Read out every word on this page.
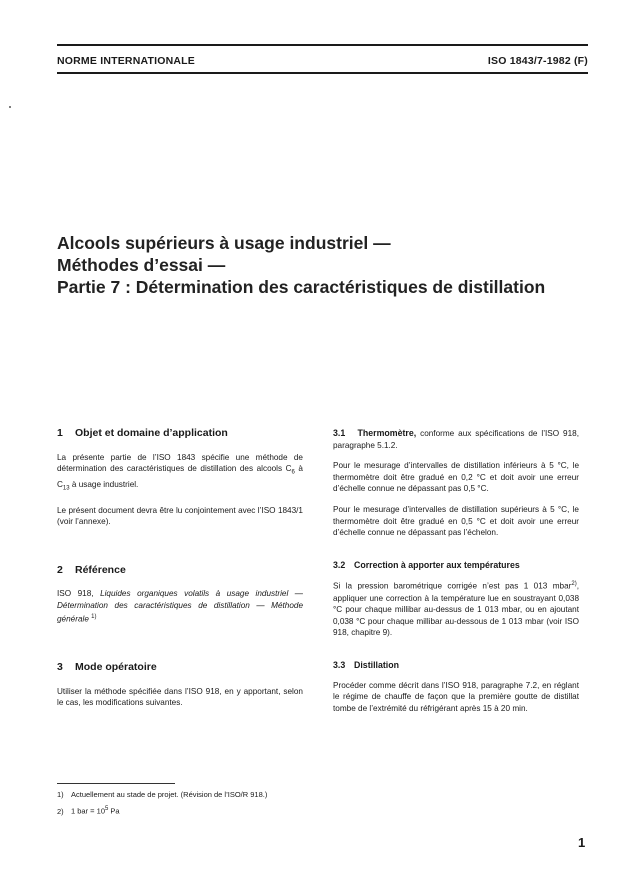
NORME INTERNATIONALE	ISO 1843/7-1982 (F)
Alcools supérieurs à usage industriel —
Méthodes d’essai —
Partie 7 : Détermination des caractéristiques de distillation
1 Objet et domaine d’application

La présente partie de l’ISO 1843 spécifie une méthode de détermination des caractéristiques de distillation des alcools $C_6$ à $C_{13}$ à usage industriel.

Le présent document devra être lu conjointement avec l’ISO 1843/1 (voir l’annexe).

2 Référence

ISO 918, Liquides organiques volatils à usage industriel — Détermination des caractéristiques de distillation — Méthode générale $^{1)}$

3 Mode opératoire

Utiliser la méthode spécifiée dans l’ISO 918, en y apportant, selon le cas, les modifications suivantes.

3.1 Thermomètre, conforme aux spécifications de l’ISO 918, paragraphe 5.1.2.

Pour le mesurage d’intervalles de distillation inférieurs à 5 °C, le thermomètre doit être gradué en 0,2 °C et doit avoir une erreur d’échelle connue ne dépassant pas 0,5 °C.

Pour le mesurage d’intervalles de distillation supérieurs à 5 °C, le thermomètre doit être gradué en 0,5 °C et doit avoir une erreur d’échelle connue ne dépassant pas l’échelon.

3.2 Correction à apporter aux températures

Si la pression barométrique corrigée n’est pas 1 013 mbar$^{2)}$, appliquer une correction à la température lue en soustrayant 0,038 °C pour chaque millibar au-dessus de 1 013 mbar, ou en ajoutant 0,038 °C pour chaque millibar au-dessous de 1 013 mbar (voir ISO 918, chapitre 9).

3.3 Distillation

Procéder comme décrit dans l’ISO 918, paragraphe 7.2, en réglant le régime de chauffe de façon que la première goutte de distillat tombe de l’extrémité du réfrigérant après 15 à 20 min.

1) Actuellement au stade de projet. (Révision de l’ISO/R 918.)
2) 1 bar = $10^5$ Pa
1
